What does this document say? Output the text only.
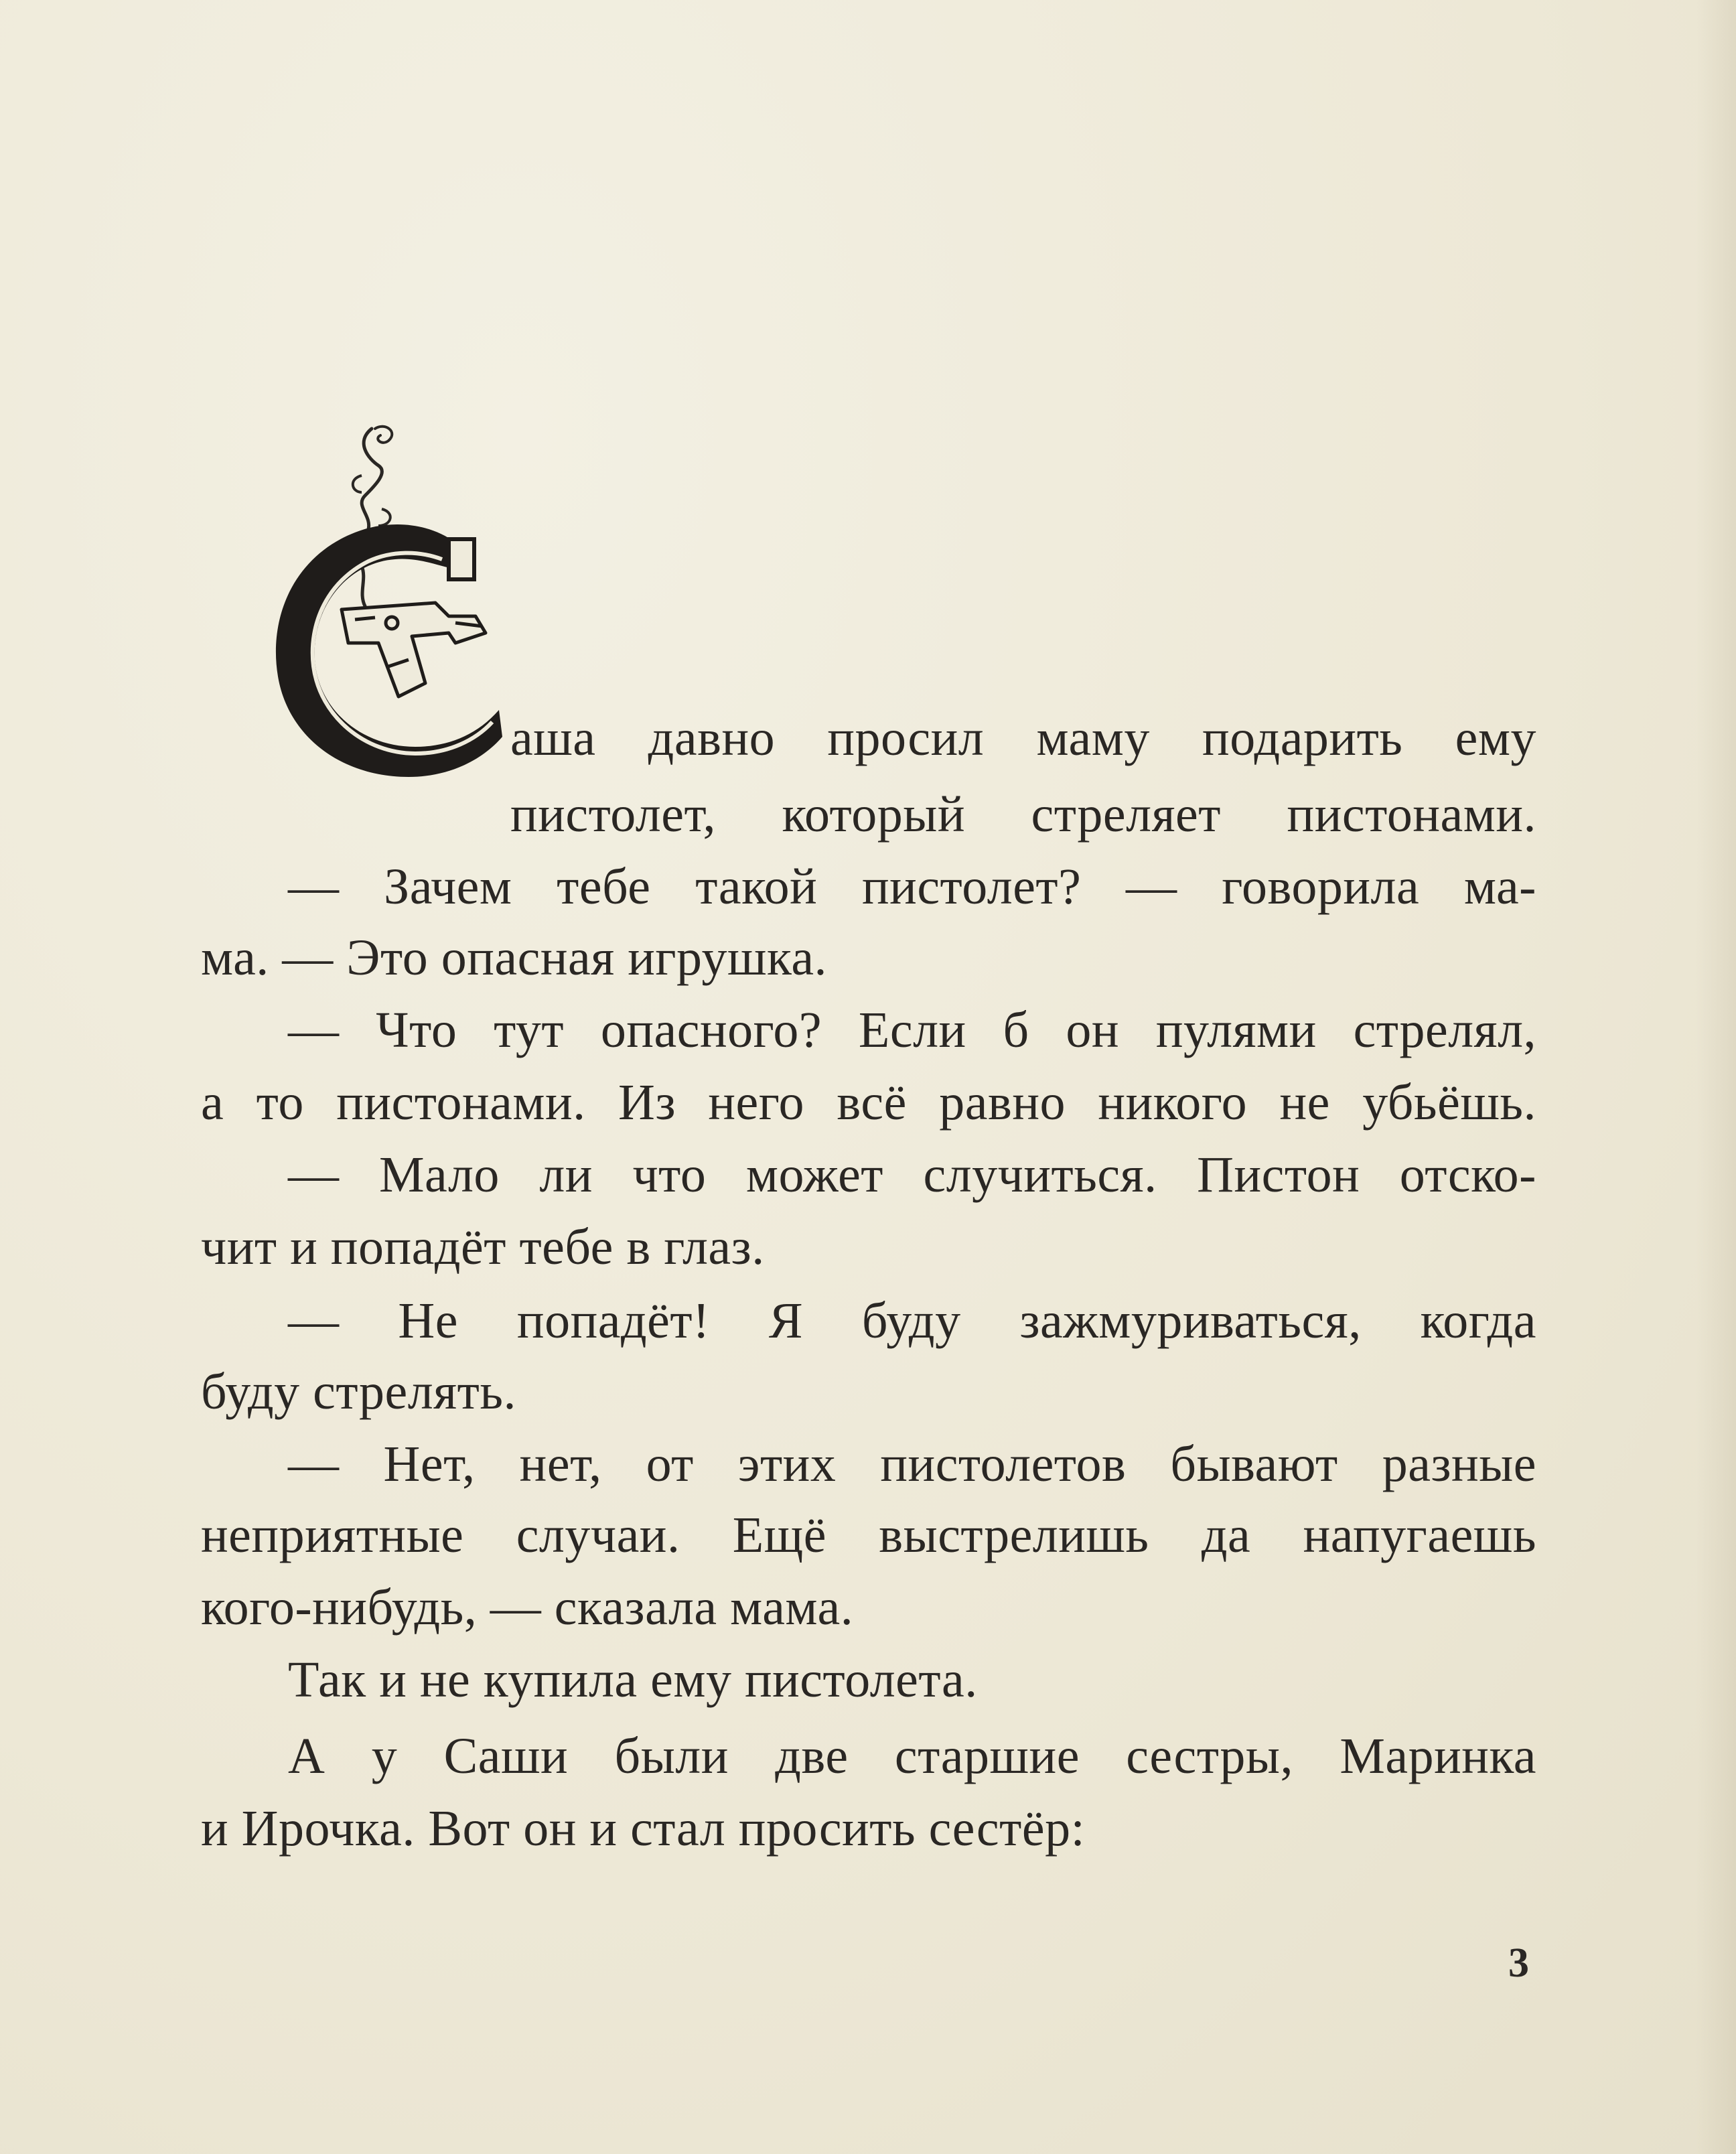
аша давно просил маму подарить ему
пистолет, который стреляет пистонами.
— Зачем тебе такой пистолет? — говорила ма-
ма. — Это опасная игрушка.
— Что тут опасного? Если б он пулями стрелял,
а то пистонами. Из него всё равно никого не убьёшь.
— Мало ли что может случиться. Пистон отско-
чит и попадёт тебе в глаз.
— Не попадёт! Я буду зажмуриваться, когда
буду стрелять.
— Нет, нет, от этих пистолетов бывают разные
неприятные случаи. Ещё выстрелишь да напугаешь
кого-нибудь, — сказала мама.
Так и не купила ему пистолета.
А у Саши были две старшие сестры, Маринка
и Ирочка. Вот он и стал просить сестёр:
3
